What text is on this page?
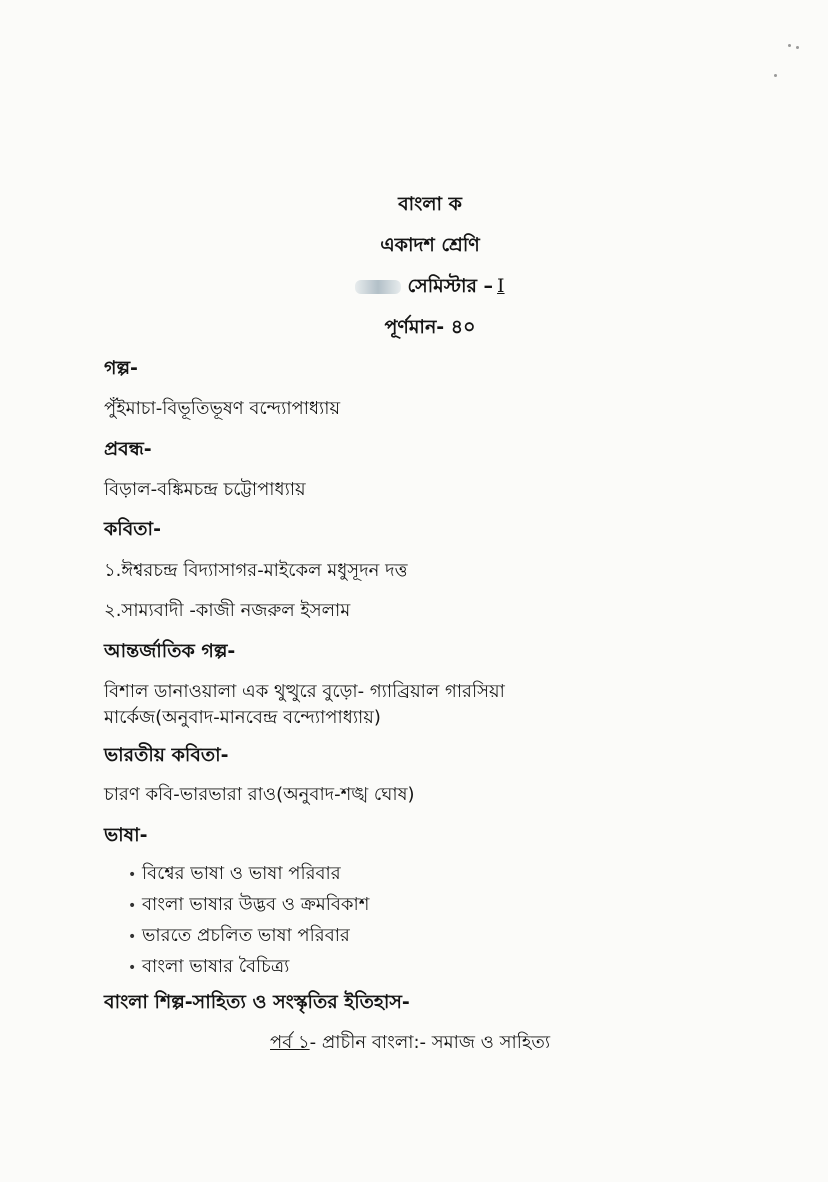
বাংলা ক
একাদশ শ্রেণি
সেমিস্টার – I
পূর্ণমান- ৪০
গল্প-
পুঁইমাচা-বিভূতিভূষণ বন্দ্যোপাধ্যায়
প্রবন্ধ-
বিড়াল-বঙ্কিমচন্দ্র চট্টোপাধ্যায়
কবিতা-
১.ঈশ্বরচন্দ্র বিদ্যাসাগর-মাইকেল মধুসূদন দত্ত
২.সাম্যবাদী -কাজী নজরুল ইসলাম
আন্তর্জাতিক গল্প-
বিশাল ডানাওয়ালা এক থুত্থুরে বুড়ো- গ্যাব্রিয়াল গারসিয়া
মার্কেজ(অনুবাদ-মানবেন্দ্র বন্দ্যোপাধ্যায়)
ভারতীয় কবিতা-
চারণ কবি-ভারভারা রাও(অনুবাদ-শঙ্খ ঘোষ)
ভাষা-
• বিশ্বের ভাষা ও ভাষা পরিবার
• বাংলা ভাষার উদ্ভব ও ক্রমবিকাশ
• ভারতে প্রচলিত ভাষা পরিবার
• বাংলা ভাষার বৈচিত্র্য
বাংলা শিল্প-সাহিত্য ও সংস্কৃতির ইতিহাস-
পর্ব ১- প্রাচীন বাংলা:- সমাজ ও সাহিত্য
